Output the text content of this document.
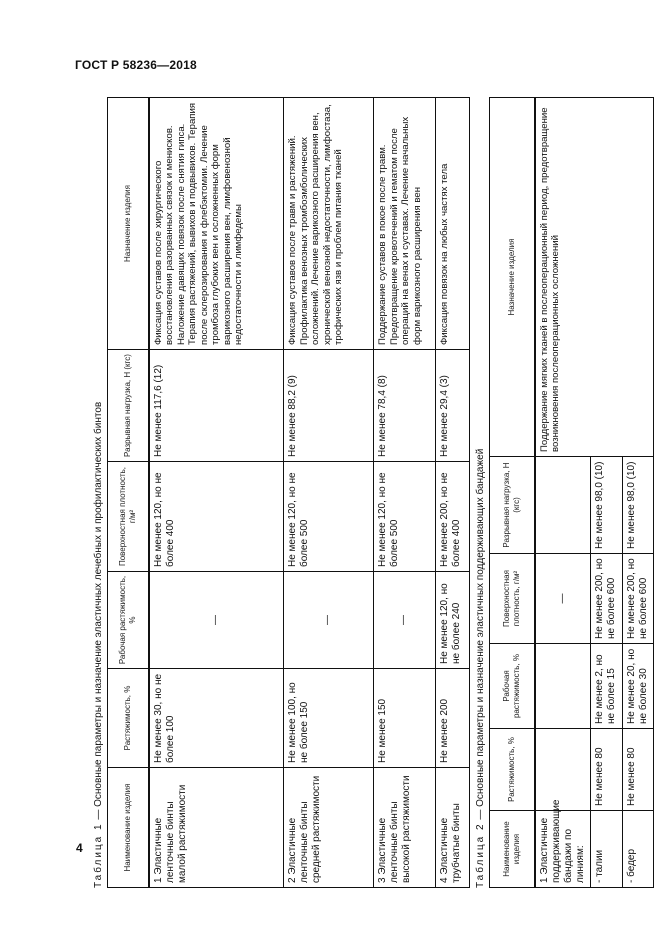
ГОСТ Р 58236—2018
Таблица 1 — Основные параметры и назначение эластичных лечебных и профилактических бинтов
Наименование изделия	Растяжимость, %	Рабочая растяжимость, %	Поверхностная плотность, г/м²	Разрывная нагрузка, Н (кгс)	Назначение изделия
1 Эластичные ленточные бинты малой растяжимости	Не менее 30, но не более 100	—	Не менее 120, но не более 400	Не менее 117,6 (12)	Фиксация суставов после хирургического восстановления разорванных связок и менисков. Наложение давящих повязок после снятия гипса. Терапия растяжений, вывихов и подвывихов. Терапия после склерозирования и флебэктомии. Лечение тромбоза глубоких вен и осложненных форм варикозного расширения вен, лимфовенозной недостаточности и лимфедемы
2 Эластичные ленточные бинты средней растяжимости	Не менее 100, но не более 150	—	Не менее 120, но не более 500	Не менее 88,2 (9)	Фиксация суставов после травм и растяжений. Профилактика венозных тромбоэмболических осложнений. Лечение варикозного расширения вен, хронической венозной недостаточности, лимфостаза, трофических язв и проблем питания тканей
3 Эластичные ленточные бинты высокой растяжимости	Не менее 150	—	Не менее 120, но не более 500	Не менее 78,4 (8)	Поддержание суставов в покое после травм. Предотвращение кровотечений и гематом после операций на венах и суставах. Лечение начальных форм варикозного расширения вен
4 Эластичные трубчатые бинты	Не менее 200	Не менее 120, но не более 240	Не менее 200, но не более 400	Не менее 29,4 (3)	Фиксация повязок на любых частях тела
Таблица 2 — Основные параметры и назначение эластичных поддерживающих бандажей
Наименование изделия	Растяжимость, %	Рабочая растяжимость, %	Поверхностная плотность, г/м²	Разрывная нагрузка, Н (кгс)	Назначение изделия
1 Эластичные поддерживающие бандажи по линиям:			—		Поддержание мягких тканей в послеоперационный период, предотвращение возникновения послеоперационных осложнений
- талии	Не менее 80	Не менее 2, но не более 15	Не менее 200, но не более 600	Не менее 98,0 (10)	
- бедер	Не менее 80	Не менее 20, но не более 30	Не менее 200, но не более 600	Не менее 98,0 (10)	
4
